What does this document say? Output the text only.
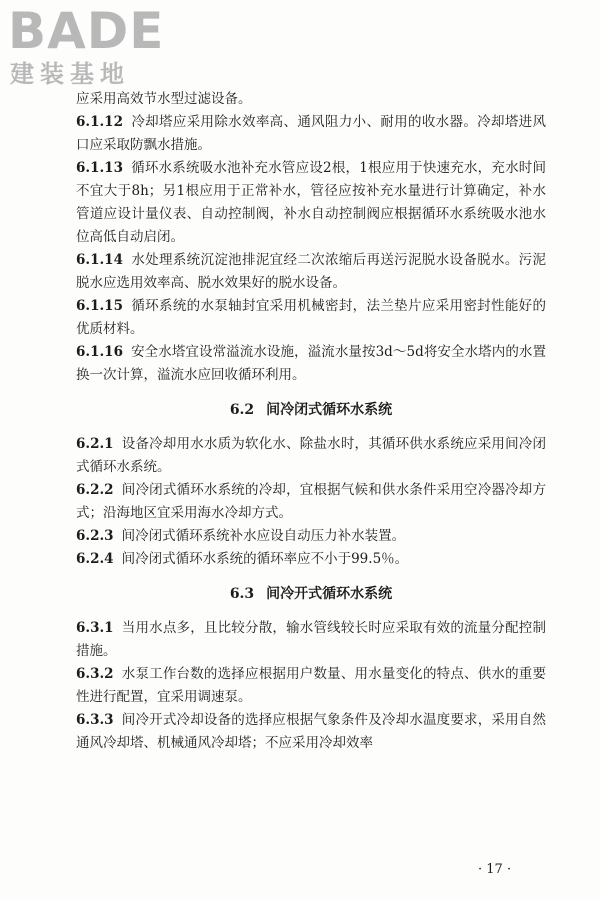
BADE
建装基地

应采用高效节水型过滤设备。

6.1.12 冷却塔应采用除水效率高、通风阻力小、耐用的收水器。冷却塔进风口应采取防飘水措施。

6.1.13 循环水系统吸水池补充水管应设2根，1根应用于快速充水，充水时间不宜大于8h；另1根应用于正常补水，管径应按补充水量进行计算确定，补水管道应设计量仪表、自动控制阀，补水自动控制阀应根据循环水系统吸水池水位高低自动启闭。

6.1.14 水处理系统沉淀池排泥宜经二次浓缩后再送污泥脱水设备脱水。污泥脱水应选用效率高、脱水效果好的脱水设备。

6.1.15 循环系统的水泵轴封宜采用机械密封，法兰垫片应采用密封性能好的优质材料。

6.1.16 安全水塔宜设常溢流水设施，溢流水量按3d～5d将安全水塔内的水置换一次计算，溢流水应回收循环利用。

6.2 间冷闭式循环水系统

6.2.1 设备冷却用水水质为软化水、除盐水时，其循环供水系统应采用间冷闭式循环水系统。

6.2.2 间冷闭式循环水系统的冷却，宜根据气候和供水条件采用空冷器冷却方式；沿海地区宜采用海水冷却方式。

6.2.3 间冷闭式循环系统补水应设自动压力补水装置。

6.2.4 间冷闭式循环水系统的循环率应不小于99.5％。

6.3 间冷开式循环水系统

6.3.1 当用水点多，且比较分散，输水管线较长时应采取有效的流量分配控制措施。

6.3.2 水泵工作台数的选择应根据用户数量、用水量变化的特点、供水的重要性进行配置，宜采用调速泵。

6.3.3 间冷开式冷却设备的选择应根据气象条件及冷却水温度要求，采用自然通风冷却塔、机械通风冷却塔；不应采用冷却效率

· 17 ·
